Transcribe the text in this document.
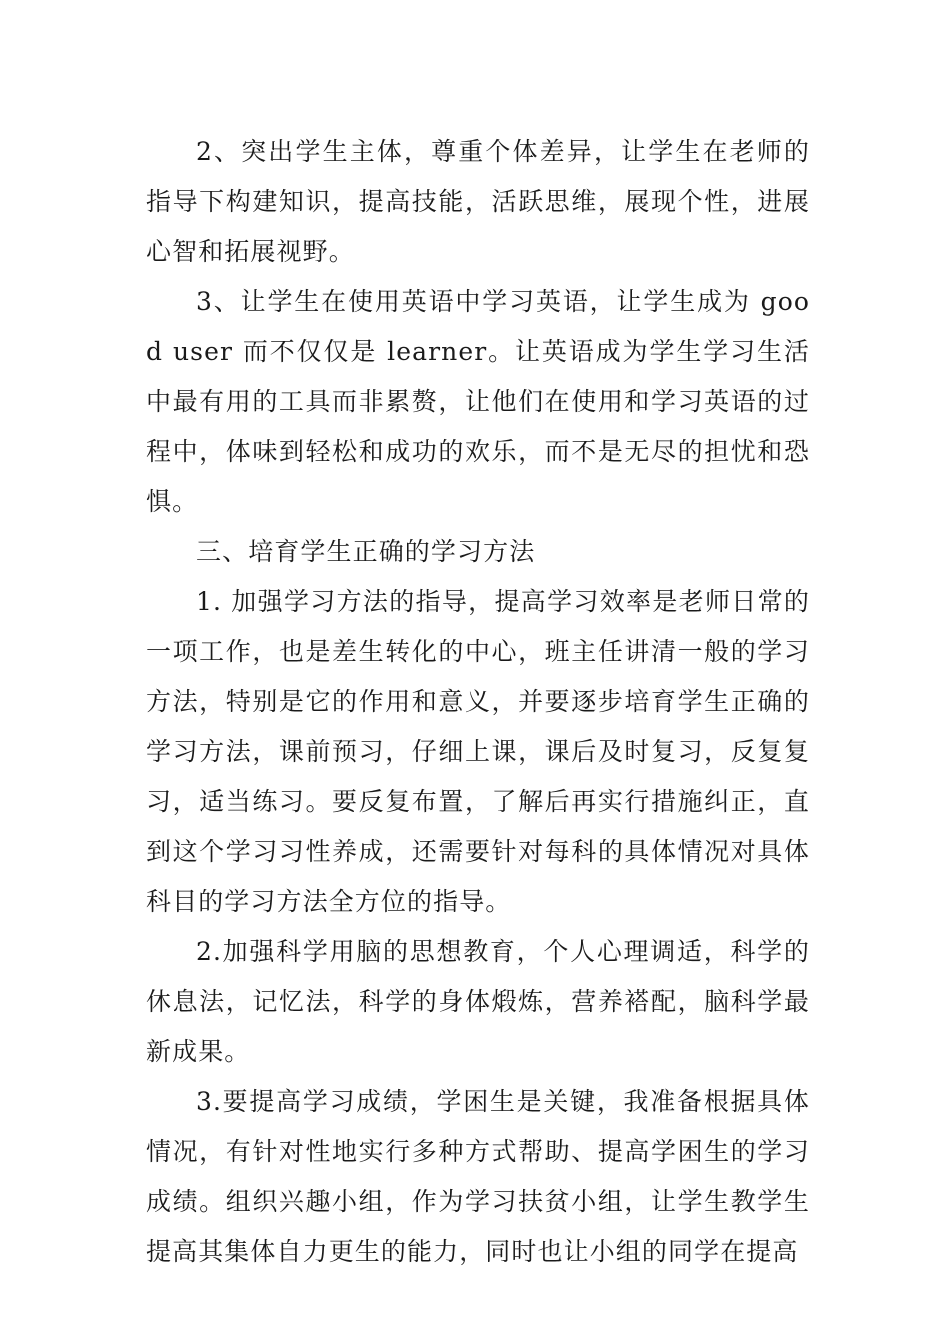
2、突出学生主体，尊重个体差异，让学生在老师的指导下构建知识，提高技能，活跃思维，展现个性，进展心智和拓展视野。

3、让学生在使用英语中学习英语，让学生成为 good user 而不仅仅是 learner。让英语成为学生学习生活中最有用的工具而非累赘，让他们在使用和学习英语的过程中，体味到轻松和成功的欢乐，而不是无尽的担忧和恐惧。

三、培育学生正确的学习方法

1. 加强学习方法的指导，提高学习效率是老师日常的一项工作，也是差生转化的中心，班主任讲清一般的学习方法，特别是它的作用和意义，并要逐步培育学生正确的学习方法，课前预习，仔细上课，课后及时复习，反复复习，适当练习。要反复布置，了解后再实行措施纠正，直到这个学习习性养成，还需要针对每科的具体情况对具体科目的学习方法全方位的指导。

2.加强科学用脑的思想教育，个人心理调适，科学的休息法，记忆法，科学的身体煅炼，营养褡配，脑科学最新成果。

3.要提高学习成绩，学困生是关键，我准备根据具体情况，有针对性地实行多种方式帮助、提高学困生的学习成绩。组织兴趣小组，作为学习扶贫小组，让学生教学生提高其集体自力更生的能力，同时也让小组的同学在提高
